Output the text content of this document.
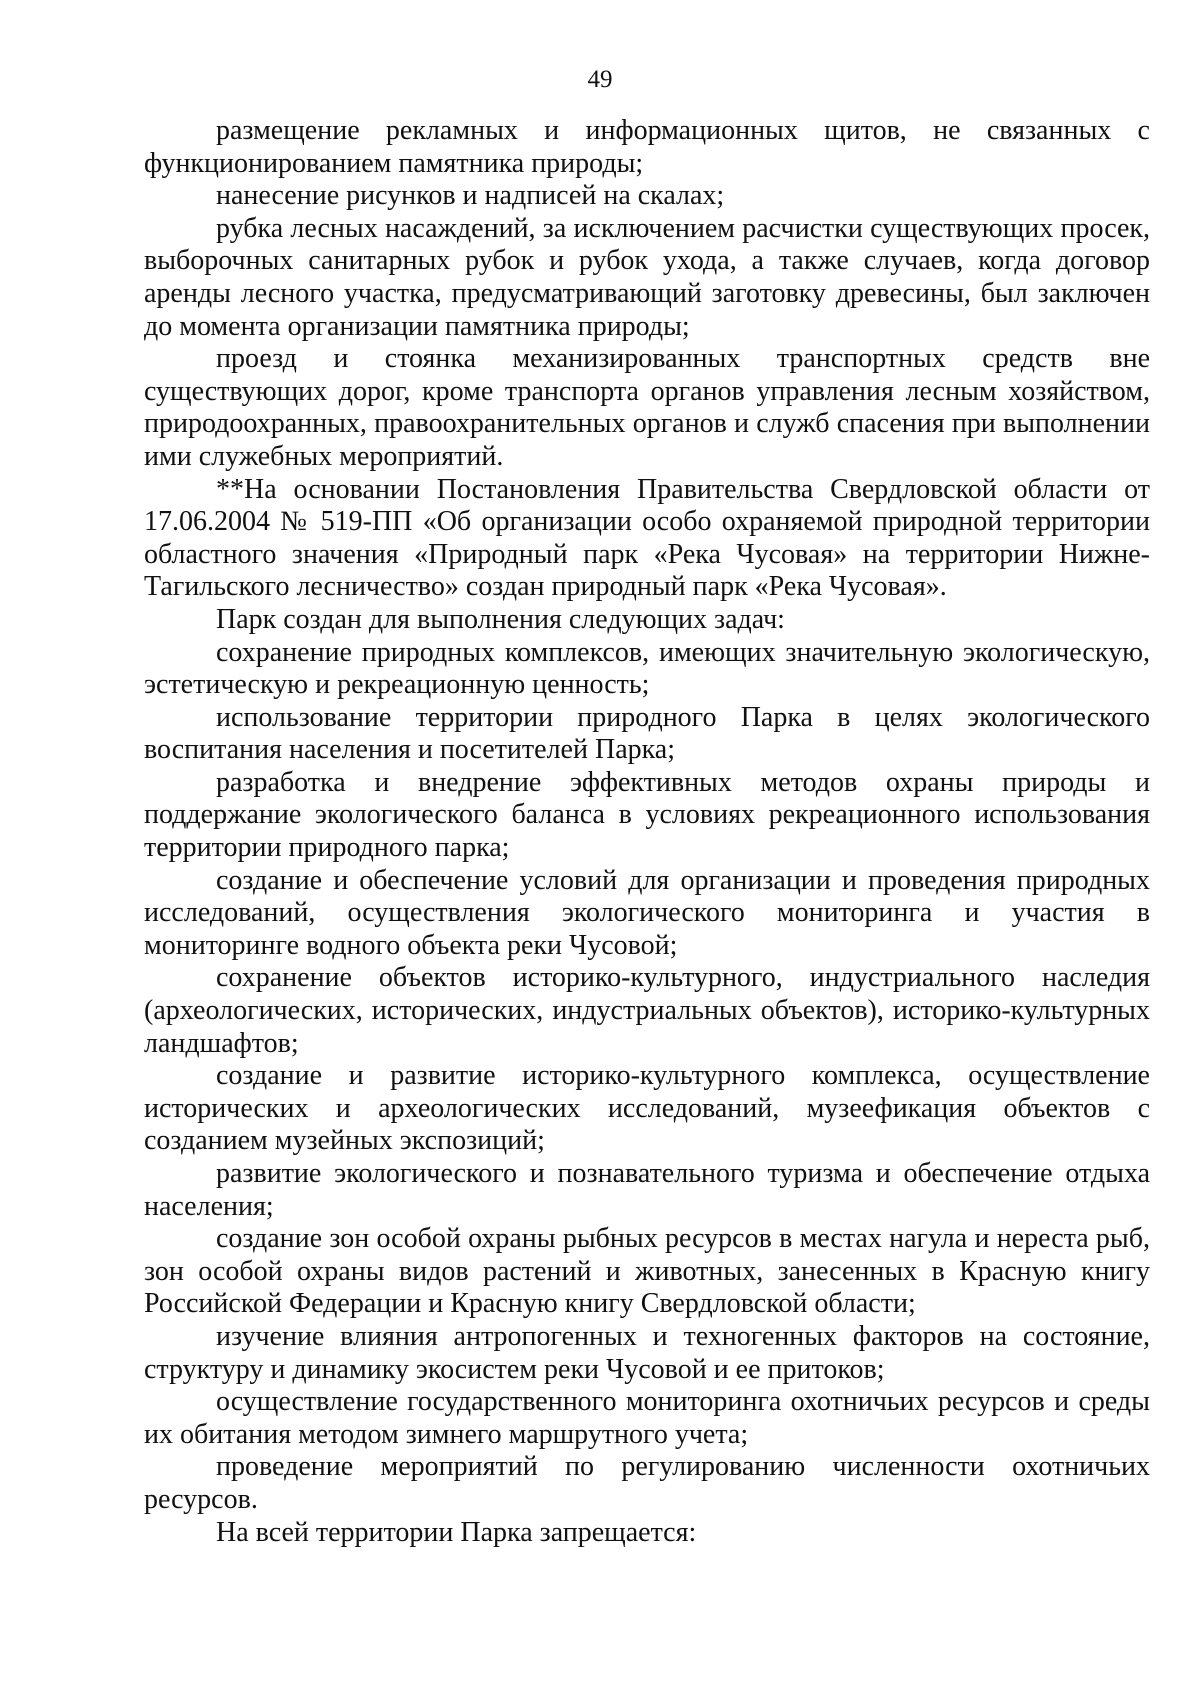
49

размещение рекламных и информационных щитов, не связанных с функционированием памятника природы;

нанесение рисунков и надписей на скалах;

рубка лесных насаждений, за исключением расчистки существующих просек, выборочных санитарных рубок и рубок ухода, а также случаев, когда договор аренды лесного участка, предусматривающий заготовку древесины, был заключен до момента организации памятника природы;

проезд и стоянка механизированных транспортных средств вне существующих дорог, кроме транспорта органов управления лесным хозяйством, природоохранных, правоохранительных органов и служб спасения при выполнении ими служебных мероприятий.

**На основании Постановления Правительства Свердловской области от 17.06.2004 № 519-ПП «Об организации особо охраняемой природной территории областного значения «Природный парк «Река Чусовая» на территории Нижне-Тагильского лесничество» создан природный парк «Река Чусовая».

Парк создан для выполнения следующих задач:

сохранение природных комплексов, имеющих значительную экологическую, эстетическую и рекреационную ценность;

использование территории природного Парка в целях экологического воспитания населения и посетителей Парка;

разработка и внедрение эффективных методов охраны природы и поддержание экологического баланса в условиях рекреационного использования территории природного парка;

создание и обеспечение условий для организации и проведения природных исследований, осуществления экологического мониторинга и участия в мониторинге водного объекта реки Чусовой;

сохранение объектов историко-культурного, индустриального наследия (археологических, исторических, индустриальных объектов), историко-культурных ландшафтов;

создание и развитие историко-культурного комплекса, осуществление исторических и археологических исследований, музеефикация объектов с созданием музейных экспозиций;

развитие экологического и познавательного туризма и обеспечение отдыха населения;

создание зон особой охраны рыбных ресурсов в местах нагула и нереста рыб, зон особой охраны видов растений и животных, занесенных в Красную книгу Российской Федерации и Красную книгу Свердловской области;

изучение влияния антропогенных и техногенных факторов на состояние, структуру и динамику экосистем реки Чусовой и ее притоков;

осуществление государственного мониторинга охотничьих ресурсов и среды их обитания методом зимнего маршрутного учета;

проведение мероприятий по регулированию численности охотничьих ресурсов.

На всей территории Парка запрещается:
